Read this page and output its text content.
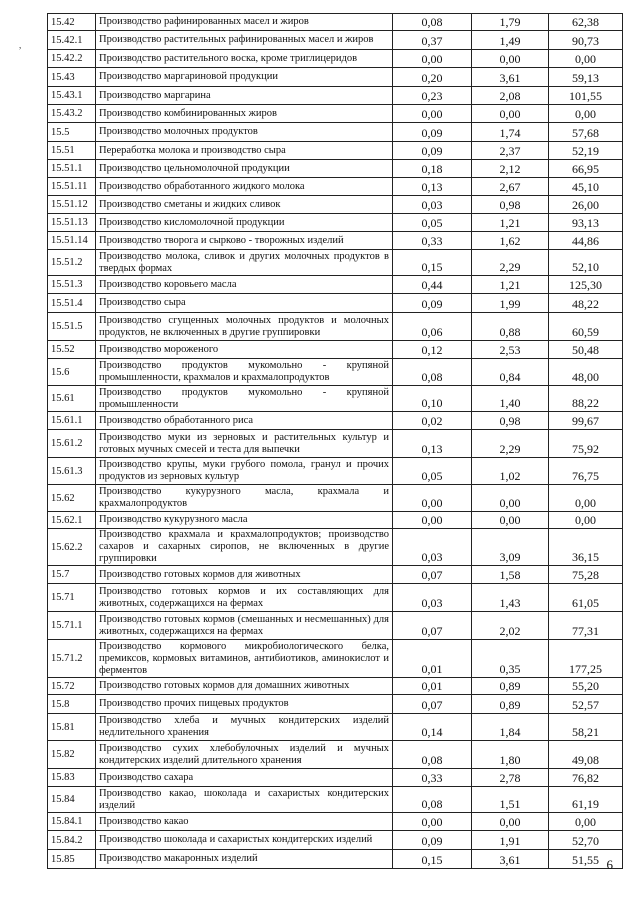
,
15.42	Производство рафинированных масел и жиров	0,08	1,79	62,38
15.42.1	Производство растительных рафинированных масел и жиров	0,37	1,49	90,73
15.42.2	Производство растительного воска, кроме триглицеридов	0,00	0,00	0,00
15.43	Производство маргариновой продукции	0,20	3,61	59,13
15.43.1	Производство маргарина	0,23	2,08	101,55
15.43.2	Производство комбинированных жиров	0,00	0,00	0,00
15.5	Производство молочных продуктов	0,09	1,74	57,68
15.51	Переработка молока и производство сыра	0,09	2,37	52,19
15.51.1	Производство цельномолочной продукции	0,18	2,12	66,95
15.51.11	Производство обработанного жидкого молока	0,13	2,67	45,10
15.51.12	Производство сметаны и жидких сливок	0,03	0,98	26,00
15.51.13	Производство кисломолочной продукции	0,05	1,21	93,13
15.51.14	Производство творога и сырково - творожных изделий	0,33	1,62	44,86
15.51.2	Производство молока, сливок и других молочных продуктов в твердых формах	0,15	2,29	52,10
15.51.3	Производство коровьего масла	0,44	1,21	125,30
15.51.4	Производство сыра	0,09	1,99	48,22
15.51.5	Производство сгущенных молочных продуктов и молочных продуктов, не включенных в другие группировки	0,06	0,88	60,59
15.52	Производство мороженого	0,12	2,53	50,48
15.6	Производство продуктов мукомольно - крупяной промышленности, крахмалов и крахмалопродуктов	0,08	0,84	48,00
15.61	Производство продуктов мукомольно - крупяной промышленности	0,10	1,40	88,22
15.61.1	Производство обработанного риса	0,02	0,98	99,67
15.61.2	Производство муки из зерновых и растительных культур и готовых мучных смесей и теста для выпечки	0,13	2,29	75,92
15.61.3	Производство крупы, муки грубого помола, гранул и прочих продуктов из зерновых культур	0,05	1,02	76,75
15.62	Производство кукурузного масла, крахмала и крахмалопродуктов	0,00	0,00	0,00
15.62.1	Производство кукурузного масла	0,00	0,00	0,00
15.62.2	Производство крахмала и крахмалопродуктов; производство сахаров и сахарных сиропов, не включенных в другие группировки	0,03	3,09	36,15
15.7	Производство готовых кормов для животных	0,07	1,58	75,28
15.71	Производство готовых кормов и их составляющих для животных, содержащихся на фермах	0,03	1,43	61,05
15.71.1	Производство готовых кормов (смешанных и несмешанных) для животных, содержащихся на фермах	0,07	2,02	77,31
15.71.2	Производство кормового микробиологического белка, премиксов, кормовых витаминов, антибиотиков, аминокислот и ферментов	0,01	0,35	177,25
15.72	Производство готовых кормов для домашних животных	0,01	0,89	55,20
15.8	Производство прочих пищевых продуктов	0,07	0,89	52,57
15.81	Производство хлеба и мучных кондитерских изделий недлительного хранения	0,14	1,84	58,21
15.82	Производство сухих хлебобулочных изделий и мучных кондитерских изделий длительного хранения	0,08	1,80	49,08
15.83	Производство сахара	0,33	2,78	76,82
15.84	Производство какао, шоколада и сахаристых кондитерских изделий	0,08	1,51	61,19
15.84.1	Производство какао	0,00	0,00	0,00
15.84.2	Производство шоколада и сахаристых кондитерских изделий	0,09	1,91	52,70
15.85	Производство макаронных изделий	0,15	3,61	51,55 6
